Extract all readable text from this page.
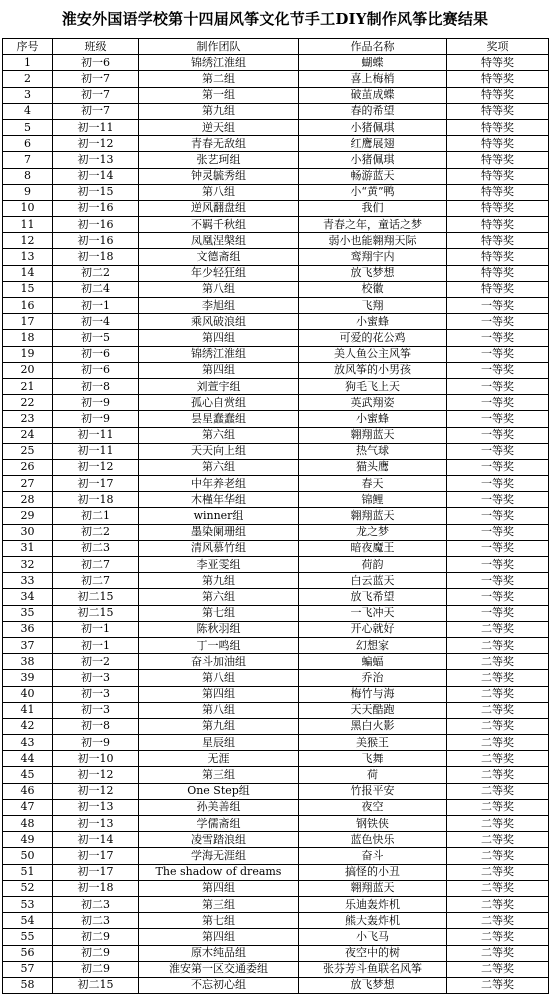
淮安外国语学校第十四届风筝文化节手工DIY制作风筝比赛结果
序号	班级	制作团队	作品名称	奖项
1	初一6	锦绣江淮组	蝴蝶	特等奖
2	初一7	第二组	喜上梅梢	特等奖
3	初一7	第一组	破茧成蝶	特等奖
4	初一7	第九组	春的希望	特等奖
5	初一11	逆天组	小猪佩琪	特等奖
6	初一12	青春无敌组	红鹰展翅	特等奖
7	初一13	张艺珂组	小猪佩琪	特等奖
8	初一14	钟灵毓秀组	畅游蓝天	特等奖
9	初一15	第八组	小“黄”鸭	特等奖
10	初一16	逆风翻盘组	我们	特等奖
11	初一16	不羁千秋组	青春之年，童话之梦	特等奖
12	初一16	凤凰涅槃组	弱小也能翱翔天际	特等奖
13	初一18	文德斋组	鸾翔宇内	特等奖
14	初二2	年少轻狂组	放飞梦想	特等奖
15	初二4	第八组	校徽	特等奖
16	初一1	李旭组	飞翔	一等奖
17	初一4	乘风破浪组	小蜜蜂	一等奖
18	初一5	第四组	可爱的花公鸡	一等奖
19	初一6	锦绣江淮组	美人鱼公主风筝	一等奖
20	初一6	第四组	放风筝的小男孩	一等奖
21	初一8	刘萱宇组	狗毛飞上天	一等奖
22	初一9	孤心自赏组	英武翔姿	一等奖
23	初一9	昙星蠢蠢组	小蜜蜂	一等奖
24	初一11	第六组	翱翔蓝天	一等奖
25	初一11	天天向上组	热气球	一等奖
26	初一12	第六组	猫头鹰	一等奖
27	初一17	中年养老组	春天	一等奖
28	初一18	木槿年华组	锦鲤	一等奖
29	初二1	winner组	翱翔蓝天	一等奖
30	初二2	墨染阑珊组	龙之梦	一等奖
31	初二3	清风慕竹组	暗夜魔王	一等奖
32	初二7	李亚雯组	荷韵	一等奖
33	初二7	第九组	白云蓝天	一等奖
34	初二15	第六组	放飞希望	一等奖
35	初二15	第七组	一飞冲天	一等奖
36	初一1	陈秋羽组	开心就好	二等奖
37	初一1	丁一鸣组	幻想家	二等奖
38	初一2	奋斗加油组	蝙蝠	二等奖
39	初一3	第八组	乔治	二等奖
40	初一3	第四组	梅竹与海	二等奖
41	初一3	第八组	天天酷跑	二等奖
42	初一8	第九组	黑白火影	二等奖
43	初一9	星辰组	美猴王	二等奖
44	初一10	无涯	飞舞	二等奖
45	初一12	第三组	荷	二等奖
46	初一12	One Step组	竹报平安	二等奖
47	初一13	孙美善组	夜空	二等奖
48	初一13	学儒斋组	钢铁侠	二等奖
49	初一14	凌雪踏浪组	蓝色快乐	二等奖
50	初一17	学海无涯组	奋斗	二等奖
51	初一17	The shadow of dreams	搞怪的小丑	二等奖
52	初一18	第四组	翱翔蓝天	二等奖
53	初二3	第三组	乐迪轰炸机	二等奖
54	初二3	第七组	熊大轰炸机	二等奖
55	初二9	第四组	小飞马	二等奖
56	初二9	原木纯品组	夜空中的树	二等奖
57	初二9	淮安第一区交通委组	张芬芳斗鱼联名风筝	二等奖
58	初二15	不忘初心组	放飞梦想	二等奖
